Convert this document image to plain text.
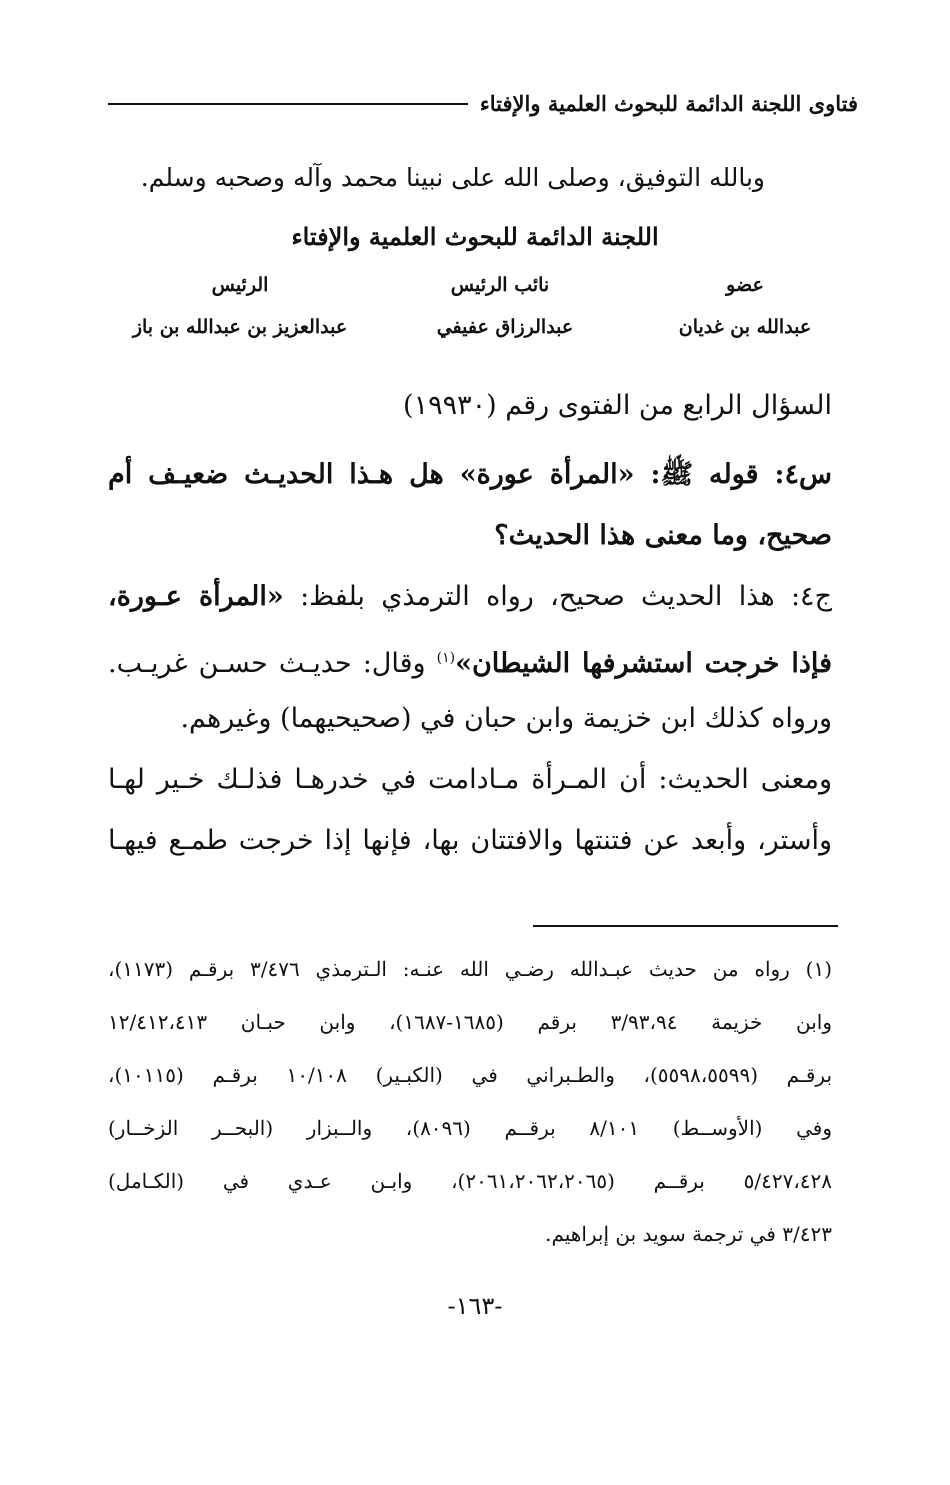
فتاوى اللجنة الدائمة للبحوث العلمية والإفتاء
وبالله التوفيق، وصلى الله على نبينا محمد وآله وصحبه وسلم.
اللجنة الدائمة للبحوث العلمية والإفتاء
عضو
نائب الرئيس
الرئيس
عبدالله بن غديان
عبدالرزاق عفيفي
عبدالعزيز بن عبدالله بن باز
السؤال الرابع من الفتوى رقم (١٩٩٣٠)
س٤: قوله ﷺ: «المرأة عورة» هل هـذا الحديـث ضعيـف أم
صحيح، وما معنى هذا الحديث؟
ج٤: هذا الحديث صحيح، رواه الترمذي بلفظ: «المرأة عـورة،
فإذا خرجت استشرفها الشيطان»$^{(١)}$ وقال: حديـث حسـن غريـب.
وروا‌ه كذلك ابن خزيمة وابن حبان في (صحيحيهما) وغيرهم.
ومعنى الحديث: أن المـرأة مـادامت في خدرهـا فذلـك خـير لهـا
وأستر، وأبعد عن فتنتها والافتتان بها، فإنها إذا خرجت طمـع فيهـا
(١) رواه من حديث عبـدالله رضـي الله عنـه: الـترمذي ٣/٤٧٦ برقـم (١١٧٣)،
وابن خزيمة ٣/٩٣،٩٤ برقم (١٦٨٥-١٦٨٧)، وابن حبـان ١٢/٤١٢،٤١٣
برقـم (٥٥٩٨،٥٥٩٩)، والطـبراني في (الكبـير) ١٠/١٠٨ برقـم (١٠١١٥)،
وفي (الأوســط) ٨/١٠١ برقــم (٨٠٩٦)، والــبزار (البحــر الزخــار)
٥/٤٢٧،٤٢٨ برقــم (٢٠٦١،٢٠٦٢،٢٠٦٥)، وابـن عـدي في (الكـامل)
٣/٤٢٣ في ترجمة سويد بن إبراهيم.
-١٦٣-
